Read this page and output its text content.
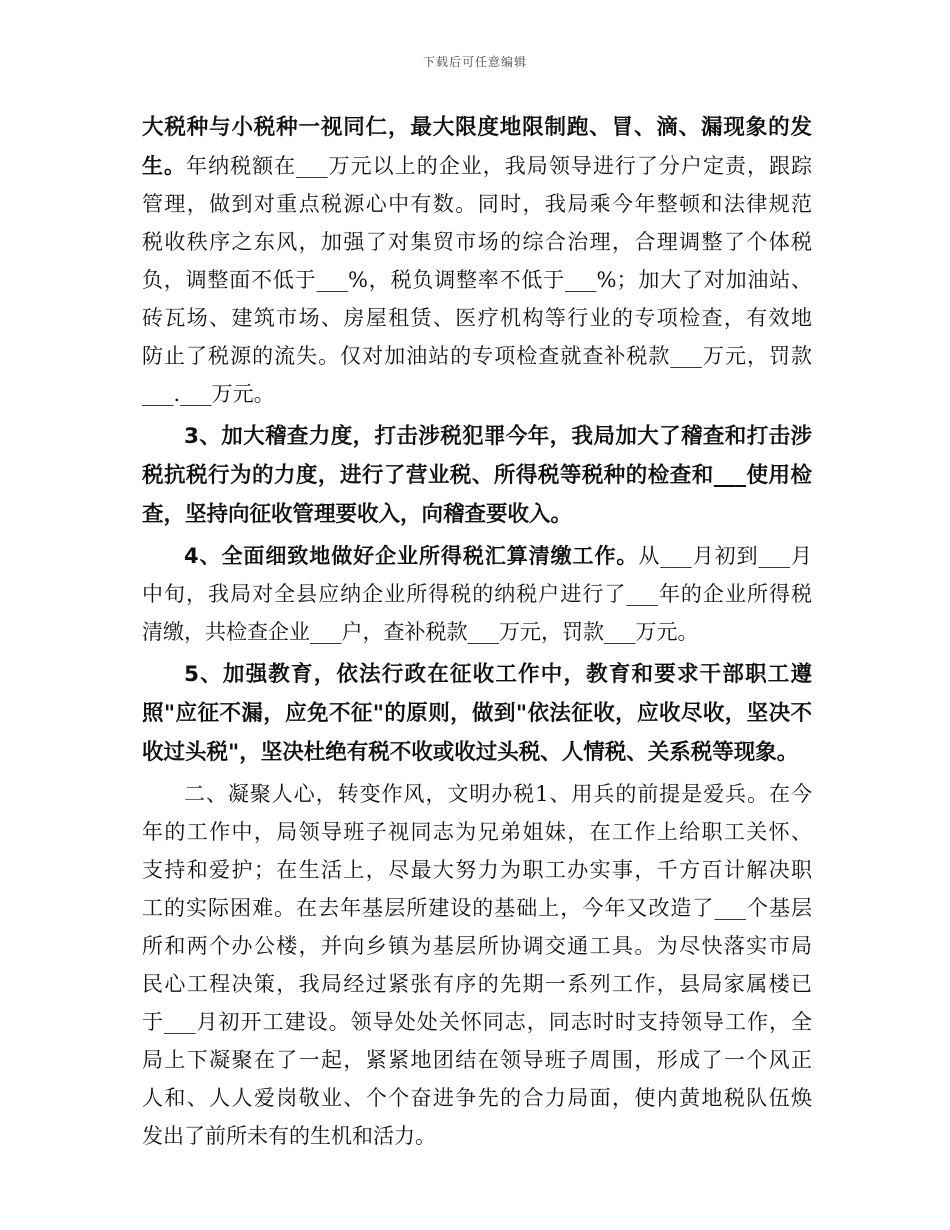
下载后可任意编辑
大税种与小税种一视同仁，最大限度地限制跑、冒、滴、漏现象的发
生。年纳税额在___万元以上的企业，我局领导进行了分户定责，跟踪
管理，做到对重点税源心中有数。同时，我局乘今年整顿和法律规范
税收秩序之东风，加强了对集贸市场的综合治理，合理调整了个体税
负，调整面不低于___%，税负调整率不低于___%；加大了对加油站、
砖瓦场、建筑市场、房屋租赁、医疗机构等行业的专项检查，有效地
防止了税源的流失。仅对加油站的专项检查就查补税款___万元，罚款
___.___万元。
3、加大稽查力度，打击涉税犯罪今年，我局加大了稽查和打击涉
税抗税行为的力度，进行了营业税、所得税等税种的检查和___使用检
查，坚持向征收管理要收入，向稽查要收入。
4、全面细致地做好企业所得税汇算清缴工作。从___月初到___月
中旬，我局对全县应纳企业所得税的纳税户进行了___年的企业所得税
清缴，共检查企业___户，查补税款___万元，罚款___万元。
5、加强教育，依法行政在征收工作中，教育和要求干部职工遵
照"应征不漏，应免不征"的原则，做到"依法征收，应收尽收，坚决不
收过头税"，坚决杜绝有税不收或收过头税、人情税、关系税等现象。
二、凝聚人心，转变作风，文明办税1、用兵的前提是爱兵。在今
年的工作中，局领导班子视同志为兄弟姐妹，在工作上给职工关怀、
支持和爱护；在生活上，尽最大努力为职工办实事，千方百计解决职
工的实际困难。在去年基层所建设的基础上，今年又改造了___个基层
所和两个办公楼，并向乡镇为基层所协调交通工具。为尽快落实市局
民心工程决策，我局经过紧张有序的先期一系列工作，县局家属楼已
于___月初开工建设。领导处处关怀同志，同志时时支持领导工作，全
局上下凝聚在了一起，紧紧地团结在领导班子周围，形成了一个风正
人和、人人爱岗敬业、个个奋进争先的合力局面，使内黄地税队伍焕
发出了前所未有的生机和活力。
